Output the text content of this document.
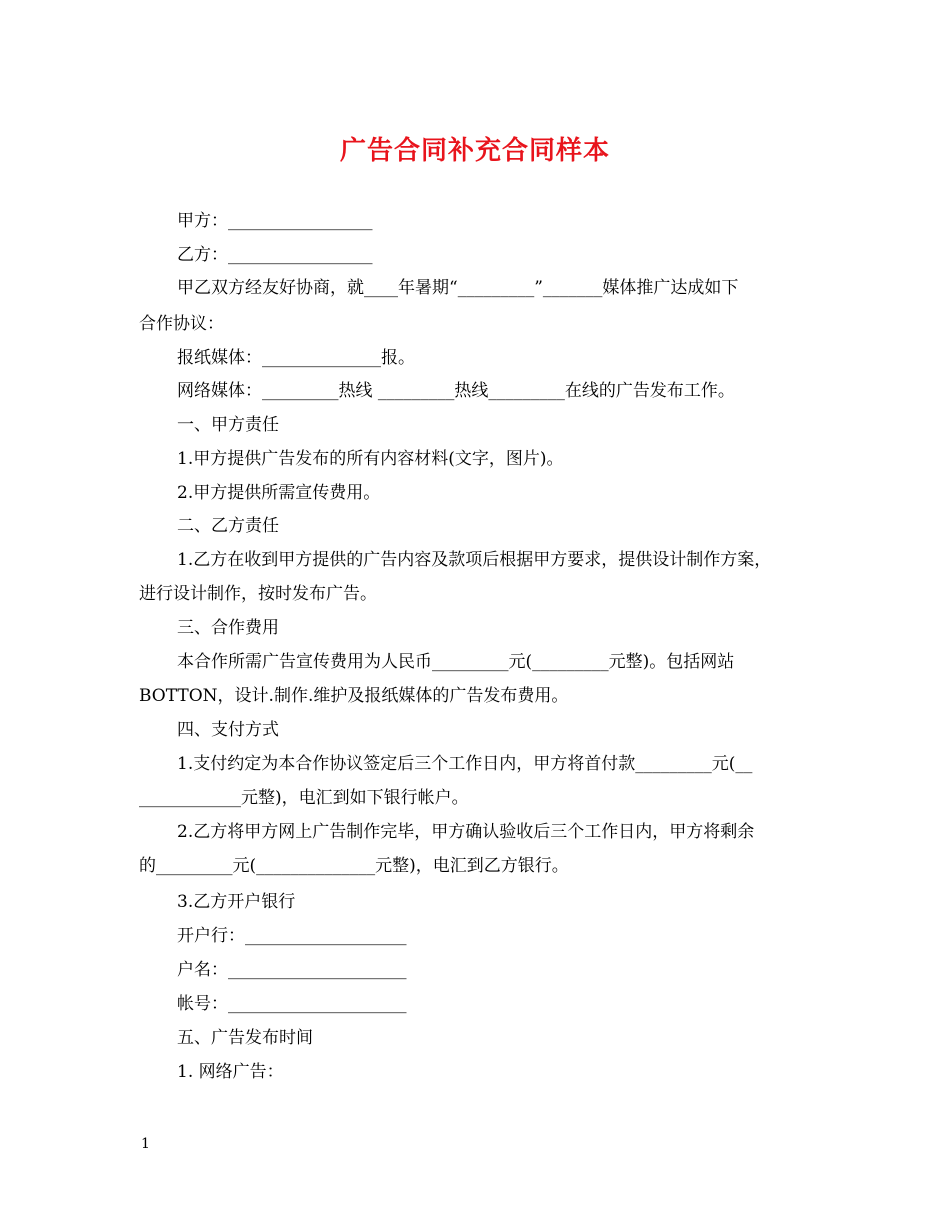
广告合同补充合同样本
甲方：_________________
乙方：_________________
甲乙双方经友好协商，就____年暑期“_________”_______媒体推广达成如下
合作协议：
报纸媒体：______________报。
网络媒体：_________热线 _________热线_________在线的广告发布工作。
一、甲方责任
1.甲方提供广告发布的所有内容材料(文字，图片)。
2.甲方提供所需宣传费用。
二、乙方责任
1.乙方在收到甲方提供的广告内容及款项后根据甲方要求，提供设计制作方案，
进行设计制作，按时发布广告。
三、合作费用
本合作所需广告宣传费用为人民币_________元(_________元整)。包括网站
BOTTON，设计.制作.维护及报纸媒体的广告发布费用。
四、支付方式
1.支付约定为本合作协议签定后三个工作日内，甲方将首付款_________元(__
____________元整)，电汇到如下银行帐户。
2.乙方将甲方网上广告制作完毕，甲方确认验收后三个工作日内，甲方将剩余
的_________元(______________元整)，电汇到乙方银行。
3.乙方开户银行
开户行：___________________
户名：_____________________
帐号：_____________________
五、广告发布时间
1. 网络广告：
1
